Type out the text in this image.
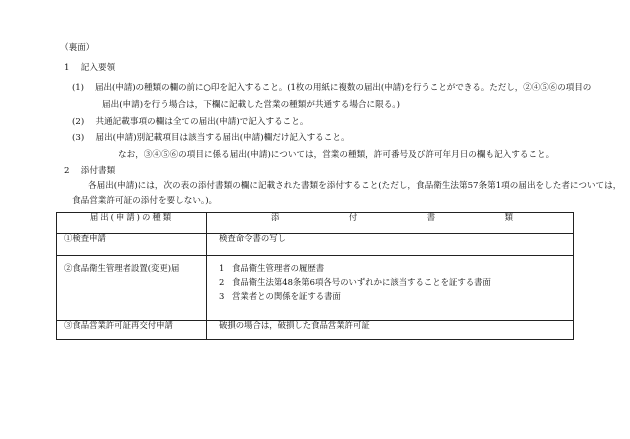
（裏面）
1　 記入要領
(1)　 届出(申請)の種類の欄の前に○印を記入すること。(1枚の用紙に複数の届出(申請)を行うことができる。ただし，②④⑤⑥の項目の
届出(申請)を行う場合は，下欄に記載した営業の種類が共通する場合に限る。)
(2)　 共通記載事項の欄は全ての届出(申請)で記入すること。
(3)　 届出(申請)別記載項目は該当する届出(申請)欄だけ記入すること。
なお，③④⑤⑥の項目に係る届出(申請)については，営業の種類，許可番号及び許可年月日の欄も記入すること。
2　 添付書類
各届出(申請)には，次の表の添付書類の欄に記載された書類を添付すること(ただし，食品衛生法第57条第1項の届出をした者については，
食品営業許可証の添付を要しない。)。
届出(申請)の種類	添 付 書 類

①検査申請	検査命令書の写し
②食品衛生管理者設置(変更)届	1 食品衛生管理者の履歴書
2 食品衛生法第48条第6項各号のいずれかに該当することを証する書面
3 営業者との関係を証する書面

③食品営業許可証再交付申請	破損の場合は，破損した食品営業許可証
